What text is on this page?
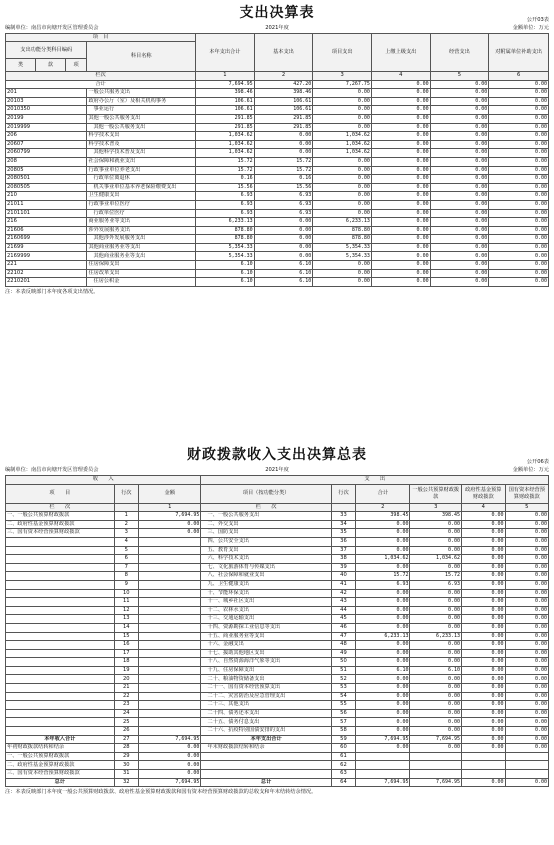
支出决算表	公开03表
编制单位：南昌市向塘开发区管理委员会	2021年度	金额单位：万元
项　目				本年支出合计	基本支出	项目支出	上缴上级支出	经营支出	对附属单位补助支出
支出功能分类科目编码			科目名称						
类	款	项							
栏次				1	2	3	4	5	6
合计				7,694.95	427.20	7,267.75	0.00	0.00	0.00
201			一般公共服务支出	398.46	398.46	0.00	0.00	0.00	0.00
20103			政府办公厅（室）及相关机构事务	106.61	106.61	0.00	0.00	0.00	0.00
2010350			事业运行	106.61	106.61	0.00	0.00	0.00	0.00
20199			其他一般公共服务支出	291.85	291.85	0.00	0.00	0.00	0.00
2019999			其他一般公共服务支出	291.85	291.85	0.00	0.00	0.00	0.00
206			科学技术支出	1,034.62	0.00	1,034.62	0.00	0.00	0.00
20607			科学技术普及	1,034.62	0.00	1,034.62	0.00	0.00	0.00
2060799			其他科学技术普及支出	1,034.62	0.00	1,034.62	0.00	0.00	0.00
208			社会保障和就业支出	15.72	15.72	0.00	0.00	0.00	0.00
20805			行政事业单位养老支出	15.72	15.72	0.00	0.00	0.00	0.00
2080501			行政单位离退休	0.16	0.16	0.00	0.00	0.00	0.00
2080505			机关事业单位基本养老保险缴费支出	15.56	15.56	0.00	0.00	0.00	0.00
210			卫生健康支出	6.93	6.93	0.00	0.00	0.00	0.00
21011			行政事业单位医疗	6.93	6.93	0.00	0.00	0.00	0.00
2101101			行政单位医疗	6.93	6.93	0.00	0.00	0.00	0.00
216			商业服务业等支出	6,233.13	0.00	6,233.13	0.00	0.00	0.00
21606			涉外发展服务支出	878.80	0.00	878.80	0.00	0.00	0.00
2160699			其他涉外发展服务支出	878.80	0.00	878.80	0.00	0.00	0.00
21699			其他商业服务业等支出	5,354.33	0.00	5,354.33	0.00	0.00	0.00
2169999			其他商业服务业等支出	5,354.33	0.00	5,354.33	0.00	0.00	0.00
221			住房保障支出	6.10	6.10	0.00	0.00	0.00	0.00
22102			住房改革支出	6.10	6.10	0.00	0.00	0.00	0.00
2210201			住房公积金	6.10	6.10	0.00	0.00	0.00	0.00
注：本表反映部门本年度各项支出情况。
财政拨款收入支出决算总表	公开06表
编制单位：南昌市向塘开发区管理委员会	2021年度	金额单位：万元
收　　入			支　　出					
项　　目	行次	金额	项目（按功能分类）	行次	合计	一般公共预算财政拨款	政府性基金预算财政拨款	国有资本经营预算财政拨款
栏　　次		1	栏　　次		2	3	4	5
一、一般公共预算财政拨款	1	7,694.95	一、一般公共服务支出	33	398.45	398.45	0.00	0.00
二、政府性基金预算财政拨款	2	0.00	二、外交支出	34	0.00	0.00	0.00	0.00
三、国有资本经营预算财政拨款	3	0.00	三、国防支出	35	0.00	0.00	0.00	0.00
	4		四、公共安全支出	36	0.00	0.00	0.00	0.00
	5		五、教育支出	37	0.00	0.00	0.00	0.00
	6		六、科学技术支出	38	1,034.62	1,034.62	0.00	0.00
	7		七、文化旅游体育与传媒支出	39	0.00	0.00	0.00	0.00
	8		八、社会保障和就业支出	40	15.72	15.72	0.00	0.00
	9		九、卫生健康支出	41	6.93	6.93	0.00	0.00
	10		十、节能环保支出	42	0.00	0.00	0.00	0.00
	11		十一、城乡社区支出	43	0.00	0.00	0.00	0.00
	12		十二、农林水支出	44	0.00	0.00	0.00	0.00
	13		十三、交通运输支出	45	0.00	0.00	0.00	0.00
	14		十四、资源勘探工业信息等支出	46	0.00	0.00	0.00	0.00
	15		十五、商业服务业等支出	47	6,233.13	6,233.13	0.00	0.00
	16		十六、金融支出	48	0.00	0.00	0.00	0.00
	17		十七、援助其他地区支出	49	0.00	0.00	0.00	0.00
	18		十八、自然资源海洋气象等支出	50	0.00	0.00	0.00	0.00
	19		十九、住房保障支出	51	6.10	6.10	0.00	0.00
	20		二十、粮油物资储备支出	52	0.00	0.00	0.00	0.00
	21		二十一、国有资本经营预算支出	53	0.00	0.00	0.00	0.00
	22		二十二、灾害防治及应急管理支出	54	0.00	0.00	0.00	0.00
	23		二十三、其他支出	55	0.00	0.00	0.00	0.00
	24		二十四、债务还本支出	56	0.00	0.00	0.00	0.00
	25		二十五、债务付息支出	57	0.00	0.00	0.00	0.00
	26		二十六、抗疫特别国债安排的支出	58	0.00	0.00	0.00	0.00
本年收入合计	27	7,694.95	本年支出合计	59	7,694.95	7,694.95	0.00	0.00
年初财政拨款结转和结余	28	0.00	年末财政拨款结转和结余	60	0.00	0.00	0.00	0.00
一、一般公共预算财政拨款	29	0.00		61				
二、政府性基金预算财政拨款	30	0.00		62				
三、国有资本经营预算财政拨款	31	0.00		63				
总计	32	7,694.95	总计	64	7,694.95	7,694.95	0.00	0.00
注：本表反映部门本年度一般公共预算财政拨款、政府性基金预算财政拨款和国有资本经营预算财政拨款的总收支和年末结转结余情况。
